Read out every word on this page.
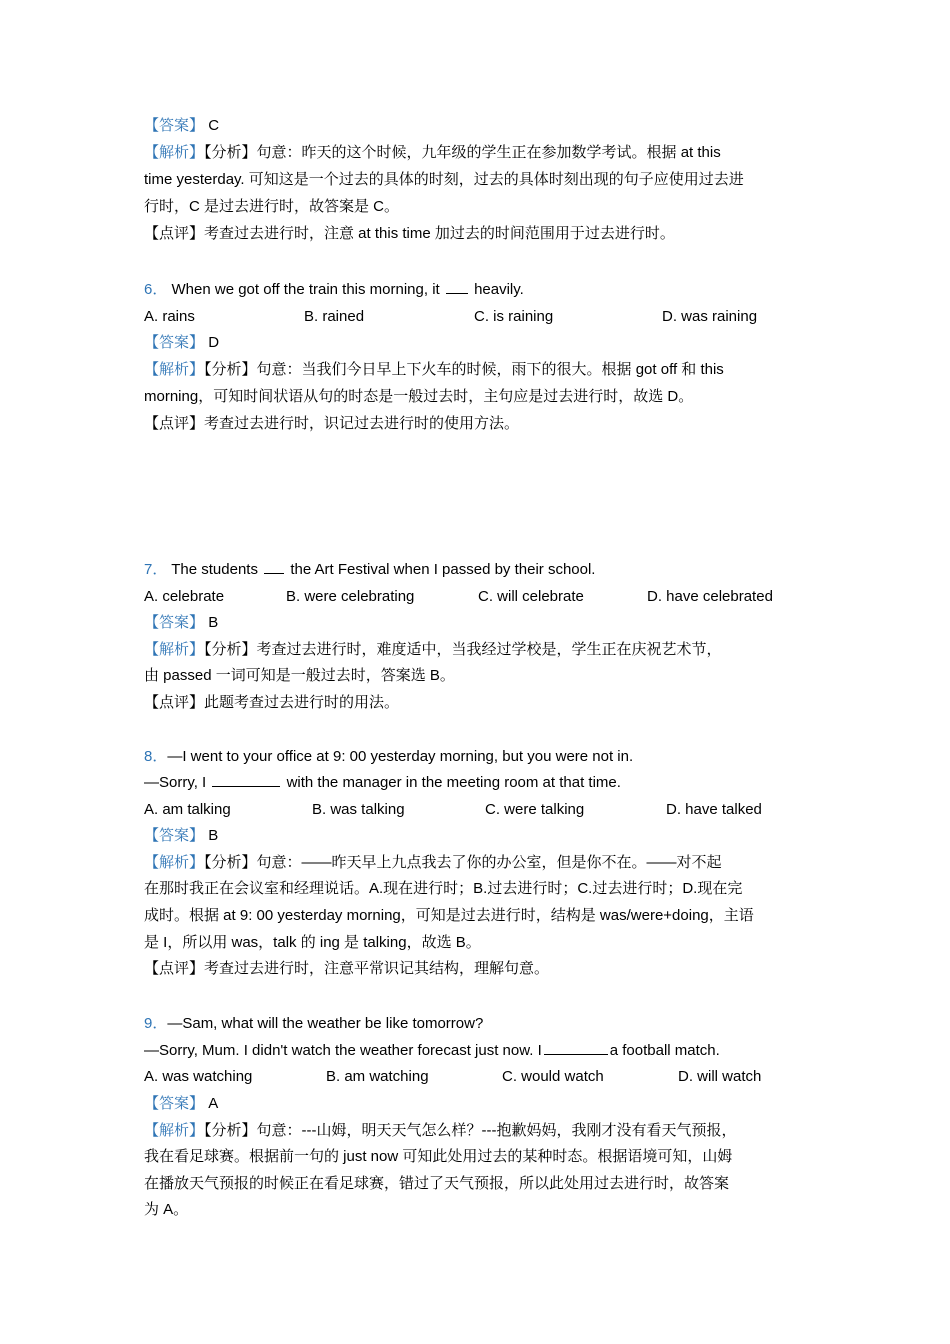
【答案】 C
【解析】【分析】句意：昨天的这个时候，九年级的学生正在参加数学考试。根据 at this
time yesterday. 可知这是一个过去的具体的时刻，过去的具体时刻出现的句子应使用过去进
行时，C 是过去进行时，故答案是 C。
【点评】考查过去进行时，注意 at this time 加过去的时间范围用于过去进行时。
6． When we got off the train this morning, it heavily.
A. rains	B. rained	C. is raining	D. was raining
【答案】 D
【解析】【分析】句意：当我们今日早上下火车的时候，雨下的很大。根据 got off 和 this
morning，可知时间状语从句的时态是一般过去时，主句应是过去进行时，故选 D。
【点评】考查过去进行时，识记过去进行时的使用方法。
7． The students the Art Festival when I passed by their school.
A. celebrate	B. were celebrating	C. will celebrate	D. have celebrated
【答案】 B
【解析】【分析】考查过去进行时，难度适中，当我经过学校是，学生正在庆祝艺术节，
由 passed 一词可知是一般过去时，答案选 B。
【点评】此题考查过去进行时的用法。
8．—I went to your office at 9: 00 yesterday morning, but you were not in.
—Sorry, I	with the manager in the meeting room at that time.
A. am talking	B. was talking	C. were talking	D. have talked
【答案】 B
【解析】【分析】句意：——昨天早上九点我去了你的办公室，但是你不在。——对不起
在那时我正在会议室和经理说话。A.现在进行时；B.过去进行时；C.过去进行时；D.现在完
成时。根据 at 9: 00 yesterday morning，可知是过去进行时，结构是 was/were+doing，主语
是 I，所以用 was，talk 的 ing 是 talking，故选 B。
【点评】考查过去进行时，注意平常识记其结构，理解句意。
9．—Sam, what will the weather be like tomorrow?
—Sorry, Mum. I didn't watch the weather forecast just now. I	a football match.
A. was watching	B. am watching	C. would watch	D. will watch
【答案】 A
【解析】【分析】句意：---山姆，明天天气怎么样？---抱歉妈妈，我刚才没有看天气预报，
我在看足球赛。根据前一句的 just now 可知此处用过去的某种时态。根据语境可知，山姆
在播放天气预报的时候正在看足球赛，错过了天气预报，所以此处用过去进行时，故答案
为 A。
